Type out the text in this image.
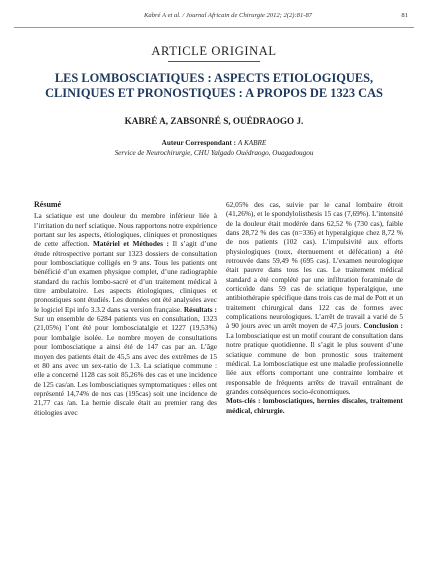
Kabré A et al. / Journal Africain de Chirurgie 2012; 2(2):81-87	81
ARTICLE ORIGINAL
LES LOMBOSCIATIQUES : ASPECTS ETIOLOGIQUES,
CLINIQUES ET PRONOSTIQUES : A PROPOS DE 1323 CAS
KABRÉ A, ZABSONRÉ S, OUÉDRAOGO J.
Auteur Correspondant : A KABRE
Service de Neurochirurgie, CHU Yalgado Ouédraogo, Ouagadougou
Résumé

La sciatique est une douleur du membre inférieur liée à l’irritation du nerf sciatique. Nous rapportons notre expérience portant sur les aspects, étiologiques, cliniques et pronostiques de cette affection. Matériel et Méthodes : Il s’agit d’une étude rétrospective portant sur 1323 dossiers de consultation pour lombosciatique colligés en 9 ans. Tous les patients ont bénéficié d’un examen physique complet, d’une radiographie standard du rachis lombo-sacré et d’un traitement médical à titre ambulatoire. Les aspects étiologiques, cliniques et pronostiques sont étudiés. Les données ont été analysées avec le logiciel Epi info 3.3.2 dans sa version française. Résultats : Sur un ensemble de 6284 patients vus en consultation, 1323 (21,05%) l’ont été pour lombosciatalgie et 1227 (19,53%) pour lombalgie isolée. Le nombre moyen de consultations pour lombosciatique a ainsi été de 147 cas par an. L’âge moyen des patients était de 45,5 ans avec des extrêmes de 15 et 80 ans avec un sex-ratio de 1.3. La sciatique commune : elle a concerné 1128 cas soit 85,26% des cas et une incidence de 125 cas/an. Les lombosciatiques symptomatiques : elles ont représenté 14,74% de nos cas (195cas) soit une incidence de 21,77 cas /an. La hernie discale était au premier rang des étiologies avec

62,05% des cas, suivie par le canal lombaire étroit (41,26%), et le spondylolisthesis 15 cas (7,69%). L’intensité de la douleur était modérée dans 62,52 % (730 cas), faible dans 28,72 % des cas (n=336) et hyperalgique chez 8,72 % de nos patients (102 cas). L’impulsivité aux efforts physiologiques (toux, éternuement et défécation) a été retrouvée dans 59,49 % (695 cas). L’examen neurologique était pauvre dans tous les cas. Le traitement médical standard a été complété par une infiltration foraminale de corticoïde dans 59 cas de sciatique hyperalgique, une antibiothérapie spécifique dans trois cas de mal de Pott et un traitement chirurgical dans 122 cas de formes avec complications neurologiques. L’arrêt de travail a varié de 5 à 90 jours avec un arrêt moyen de 47,5 jours. Conclusion : La lombosciatique est un motif courant de consultation dans notre pratique quotidienne. Il s’agit le plus souvent d’une sciatique commune de bon pronostic sous traitement médical. La lombosciatique est une maladie professionnelle liée aux efforts comportant une contrainte lombaire et responsable de fréquents arrêts de travail entraînant de grandes conséquences socio-économiques.

Mots-clés : lombosciatiques, hernies discales, traitement médical, chirurgie.
